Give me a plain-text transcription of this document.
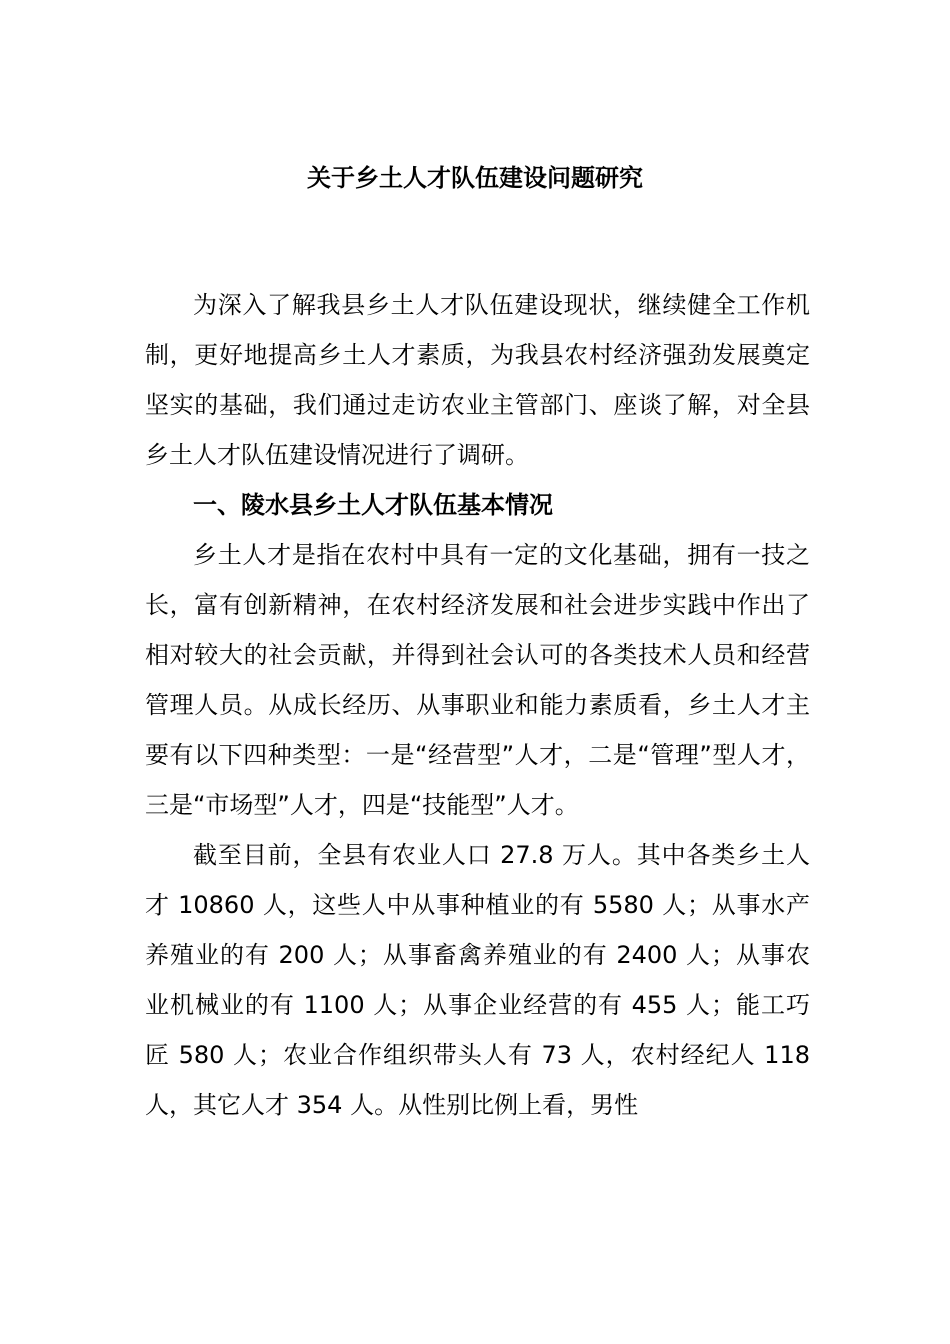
关于乡土人才队伍建设问题研究

为深入了解我县乡土人才队伍建设现状，继续健全工作机制，更好地提高乡土人才素质，为我县农村经济强劲发展奠定坚实的基础，我们通过走访农业主管部门、座谈了解，对全县乡土人才队伍建设情况进行了调研。

一、陵水县乡土人才队伍基本情况

乡土人才是指在农村中具有一定的文化基础，拥有一技之长，富有创新精神，在农村经济发展和社会进步实践中作出了相对较大的社会贡献，并得到社会认可的各类技术人员和经营管理人员。从成长经历、从事职业和能力素质看，乡土人才主要有以下四种类型：一是“经营型”人才，二是“管理”型人才，三是“市场型”人才，四是“技能型”人才。

截至目前，全县有农业人口 27.8 万人。其中各类乡土人才 10860 人，这些人中从事种植业的有 5580 人；从事水产养殖业的有 200 人；从事畜禽养殖业的有 2400 人；从事农业机械业的有 1100 人；从事企业经营的有 455 人；能工巧匠 580 人；农业合作组织带头人有 73 人，农村经纪人 118 人，其它人才 354 人。从性别比例上看，男性
